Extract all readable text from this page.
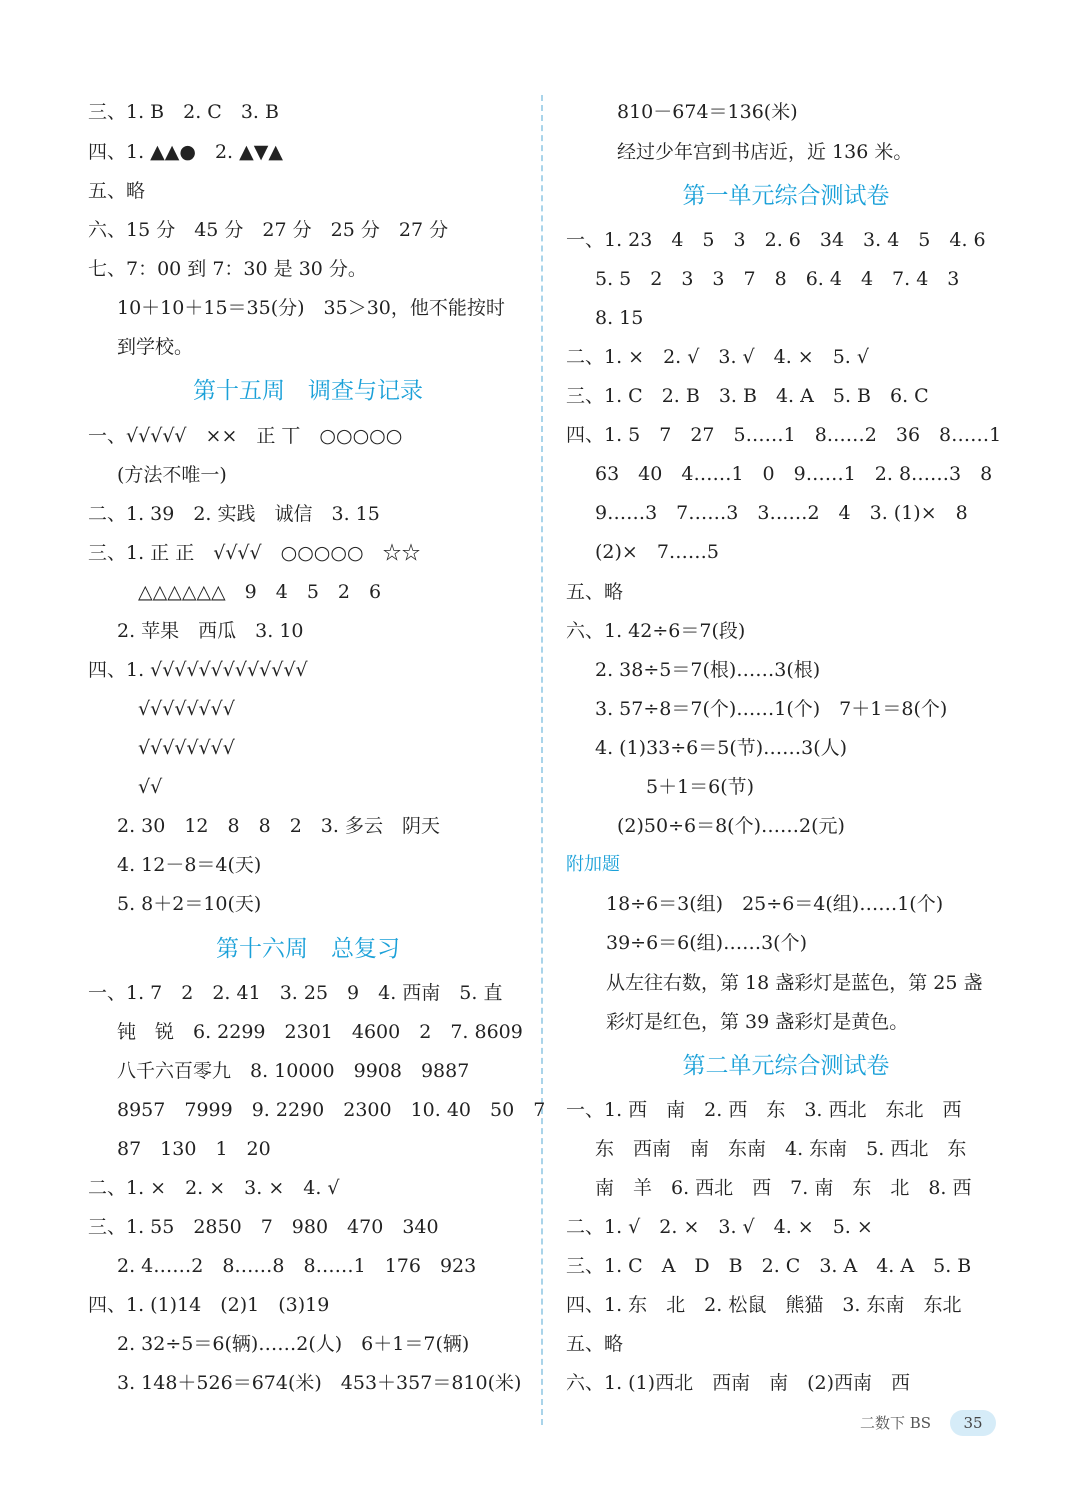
三、1. B　2. C　3. B
四、1. ▲▲●　2. ▲▼▲
五、略
六、15 分　45 分　27 分　25 分　27 分
七、7：00 到 7：30 是 30 分。
10＋10＋15＝35(分)　35＞30，他不能按时
到学校。
第十五周　调查与记录
一、√√√√√　××　正 丅　○○○○○
(方法不唯一)
二、1. 39　2. 实践　诚信　3. 15
三、1. 正 正　√√√√　○○○○○　☆☆
△△△△△△　9　4　5　2　6
2. 苹果　西瓜　3. 10
四、1. √√√√√√√√√√√√√
√√√√√√√√
√√√√√√√√
√√
2. 30　12　8　8　2　3. 多云　阴天
4. 12－8＝4(天)
5. 8＋2＝10(天)
第十六周　总复习
一、1. 7　2　2. 41　3. 25　9　4. 西南　5. 直
钝　锐　6. 2299　2301　4600　2　7. 8609
八千六百零九　8. 10000　9908　9887
8957　7999　9. 2290　2300　10. 40　50　7
87　130　1　20
二、1. ×　2. ×　3. ×　4. √
三、1. 55　2850　7　980　470　340
2. 4……2　8……8　8……1　176　923
四、1. (1)14　(2)1　(3)19
2. 32÷5＝6(辆)……2(人)　6＋1＝7(辆)
3. 148＋526＝674(米)　453＋357＝810(米)
810－674＝136(米)
经过少年宫到书店近，近 136 米。
第一单元综合测试卷
一、1. 23　4　5　3　2. 6　34　3. 4　5　4. 6
5. 5　2　3　3　7　8　6. 4　4　7. 4　3
8. 15
二、1. ×　2. √　3. √　4. ×　5. √
三、1. C　2. B　3. B　4. A　5. B　6. C
四、1. 5　7　27　5……1　8……2　36　8……1
63　40　4……1　0　9……1　2. 8……3　8
9……3　7……3　3……2　4　3. (1)×　8
(2)×　7……5
五、略
六、1. 42÷6＝7(段)
2. 38÷5＝7(根)……3(根)
3. 57÷8＝7(个)……1(个)　7＋1＝8(个)
4. (1)33÷6＝5(节)……3(人)
5＋1＝6(节)
(2)50÷6＝8(个)……2(元)
附加题
18÷6＝3(组)　25÷6＝4(组)……1(个)
39÷6＝6(组)……3(个)
从左往右数，第 18 盏彩灯是蓝色，第 25 盏
彩灯是红色，第 39 盏彩灯是黄色。
第二单元综合测试卷
一、1. 西　南　2. 西　东　3. 西北　东北　西
东　西南　南　东南　4. 东南　5. 西北　东
南　羊　6. 西北　西　7. 南　东　北　8. 西
二、1. √　2. ×　3. √　4. ×　5. ×
三、1. C　A　D　B　2. C　3. A　4. A　5. B
四、1. 东　北　2. 松鼠　熊猫　3. 东南　东北
五、略
六、1. (1)西北　西南　南　(2)西南　西
二数下 BS	35
